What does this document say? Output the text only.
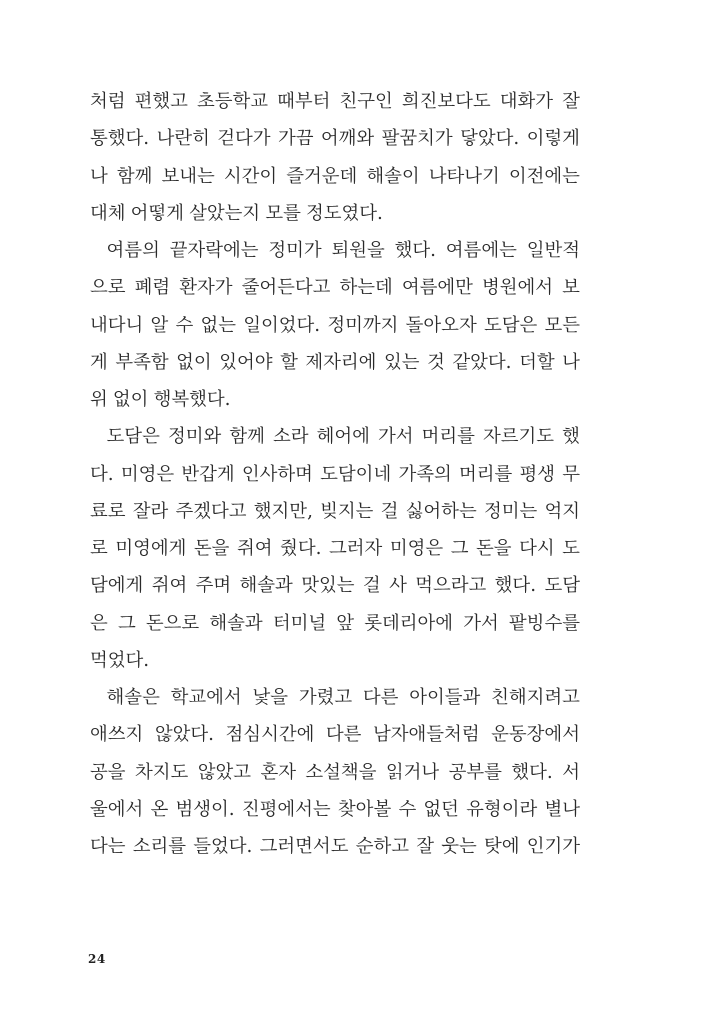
처럼 편했고 초등학교 때부터 친구인 희진보다도 대화가 잘
통했다. 나란히 걷다가 가끔 어깨와 팔꿈치가 닿았다. 이렇게
나 함께 보내는 시간이 즐거운데 해솔이 나타나기 이전에는
대체 어떻게 살았는지 모를 정도였다.
여름의 끝자락에는 정미가 퇴원을 했다. 여름에는 일반적
으로 폐렴 환자가 줄어든다고 하는데 여름에만 병원에서 보
내다니 알 수 없는 일이었다. 정미까지 돌아오자 도담은 모든
게 부족함 없이 있어야 할 제자리에 있는 것 같았다. 더할 나
위 없이 행복했다.
도담은 정미와 함께 소라 헤어에 가서 머리를 자르기도 했
다. 미영은 반갑게 인사하며 도담이네 가족의 머리를 평생 무
료로 잘라 주겠다고 했지만, 빚지는 걸 싫어하는 정미는 억지
로 미영에게 돈을 쥐여 줬다. 그러자 미영은 그 돈을 다시 도
담에게 쥐여 주며 해솔과 맛있는 걸 사 먹으라고 했다. 도담
은 그 돈으로 해솔과 터미널 앞 롯데리아에 가서 팥빙수를
먹었다.
해솔은 학교에서 낯을 가렸고 다른 아이들과 친해지려고
애쓰지 않았다. 점심시간에 다른 남자애들처럼 운동장에서
공을 차지도 않았고 혼자 소설책을 읽거나 공부를 했다. 서
울에서 온 범생이. 진평에서는 찾아볼 수 없던 유형이라 별나
다는 소리를 들었다. 그러면서도 순하고 잘 웃는 탓에 인기가
24
